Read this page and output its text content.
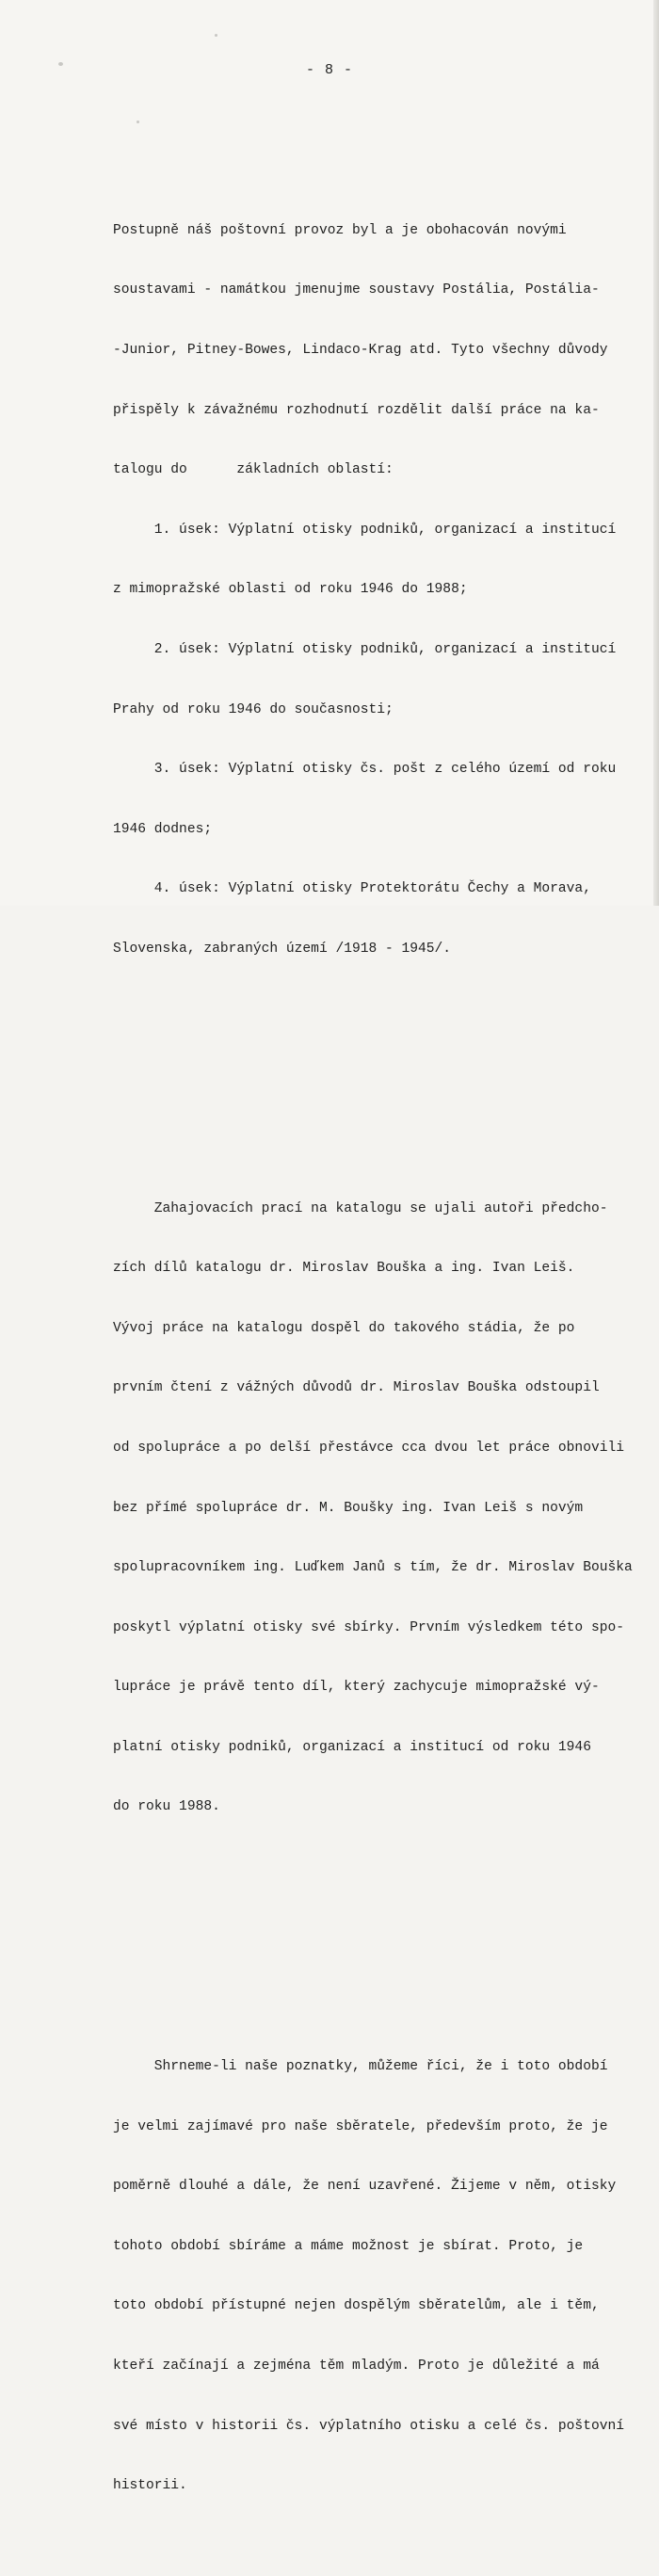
- 8 -

Postupně náš poštovní provoz byl a je obohacován novými

soustavami - namátkou jmenujme soustavy Postália, Postália-

-Junior, Pitney-Bowes, Lindaco-Krag atd. Tyto všechny důvody

přispěly k závažnému rozhodnutí rozdělit další práce na ka-

talogu do      základních oblastí:

1. úsek: Výplatní otisky podniků, organizací a institucí

z mimopražské oblasti od roku 1946 do 1988;

2. úsek: Výplatní otisky podniků, organizací a institucí

Prahy od roku 1946 do současnosti;

3. úsek: Výplatní otisky čs. pošt z celého území od roku

1946 dodnes;

4. úsek: Výplatní otisky Protektorátu Čechy a Morava,

Slovenska, zabraných území /1918 - 1945/.

Zahajovacích prací na katalogu se ujali autoři předcho-

zích dílů katalogu dr. Miroslav Bouška a ing. Ivan Leiš.

Vývoj práce na katalogu dospěl do takového stádia, že po

prvním čtení z vážných důvodů dr. Miroslav Bouška odstoupil

od spolupráce a po delší přestávce cca dvou let práce obnovili

bez přímé spolupráce dr. M. Boušky ing. Ivan Leiš s novým

spolupracovníkem ing. Luďkem Janů s tím, že dr. Miroslav Bouška

poskytl výplatní otisky své sbírky. Prvním výsledkem této spo-

lupráce je právě tento díl, který zachycuje mimopražské vý-

platní otisky podniků, organizací a institucí od roku 1946

do roku 1988.

Shrneme-li naše poznatky, můžeme říci, že i toto období

je velmi zajímavé pro naše sběratele, především proto, že je

poměrně dlouhé a dále, že není uzavřené. Žijeme v něm, otisky

tohoto období sbíráme a máme možnost je sbírat. Proto, je

toto období přístupné nejen dospělým sběratelům, ale i těm,

kteří začínají a zejména těm mladým. Proto je důležité a má

své místo v historii čs. výplatního otisku a celé čs. poštovní

historii.
